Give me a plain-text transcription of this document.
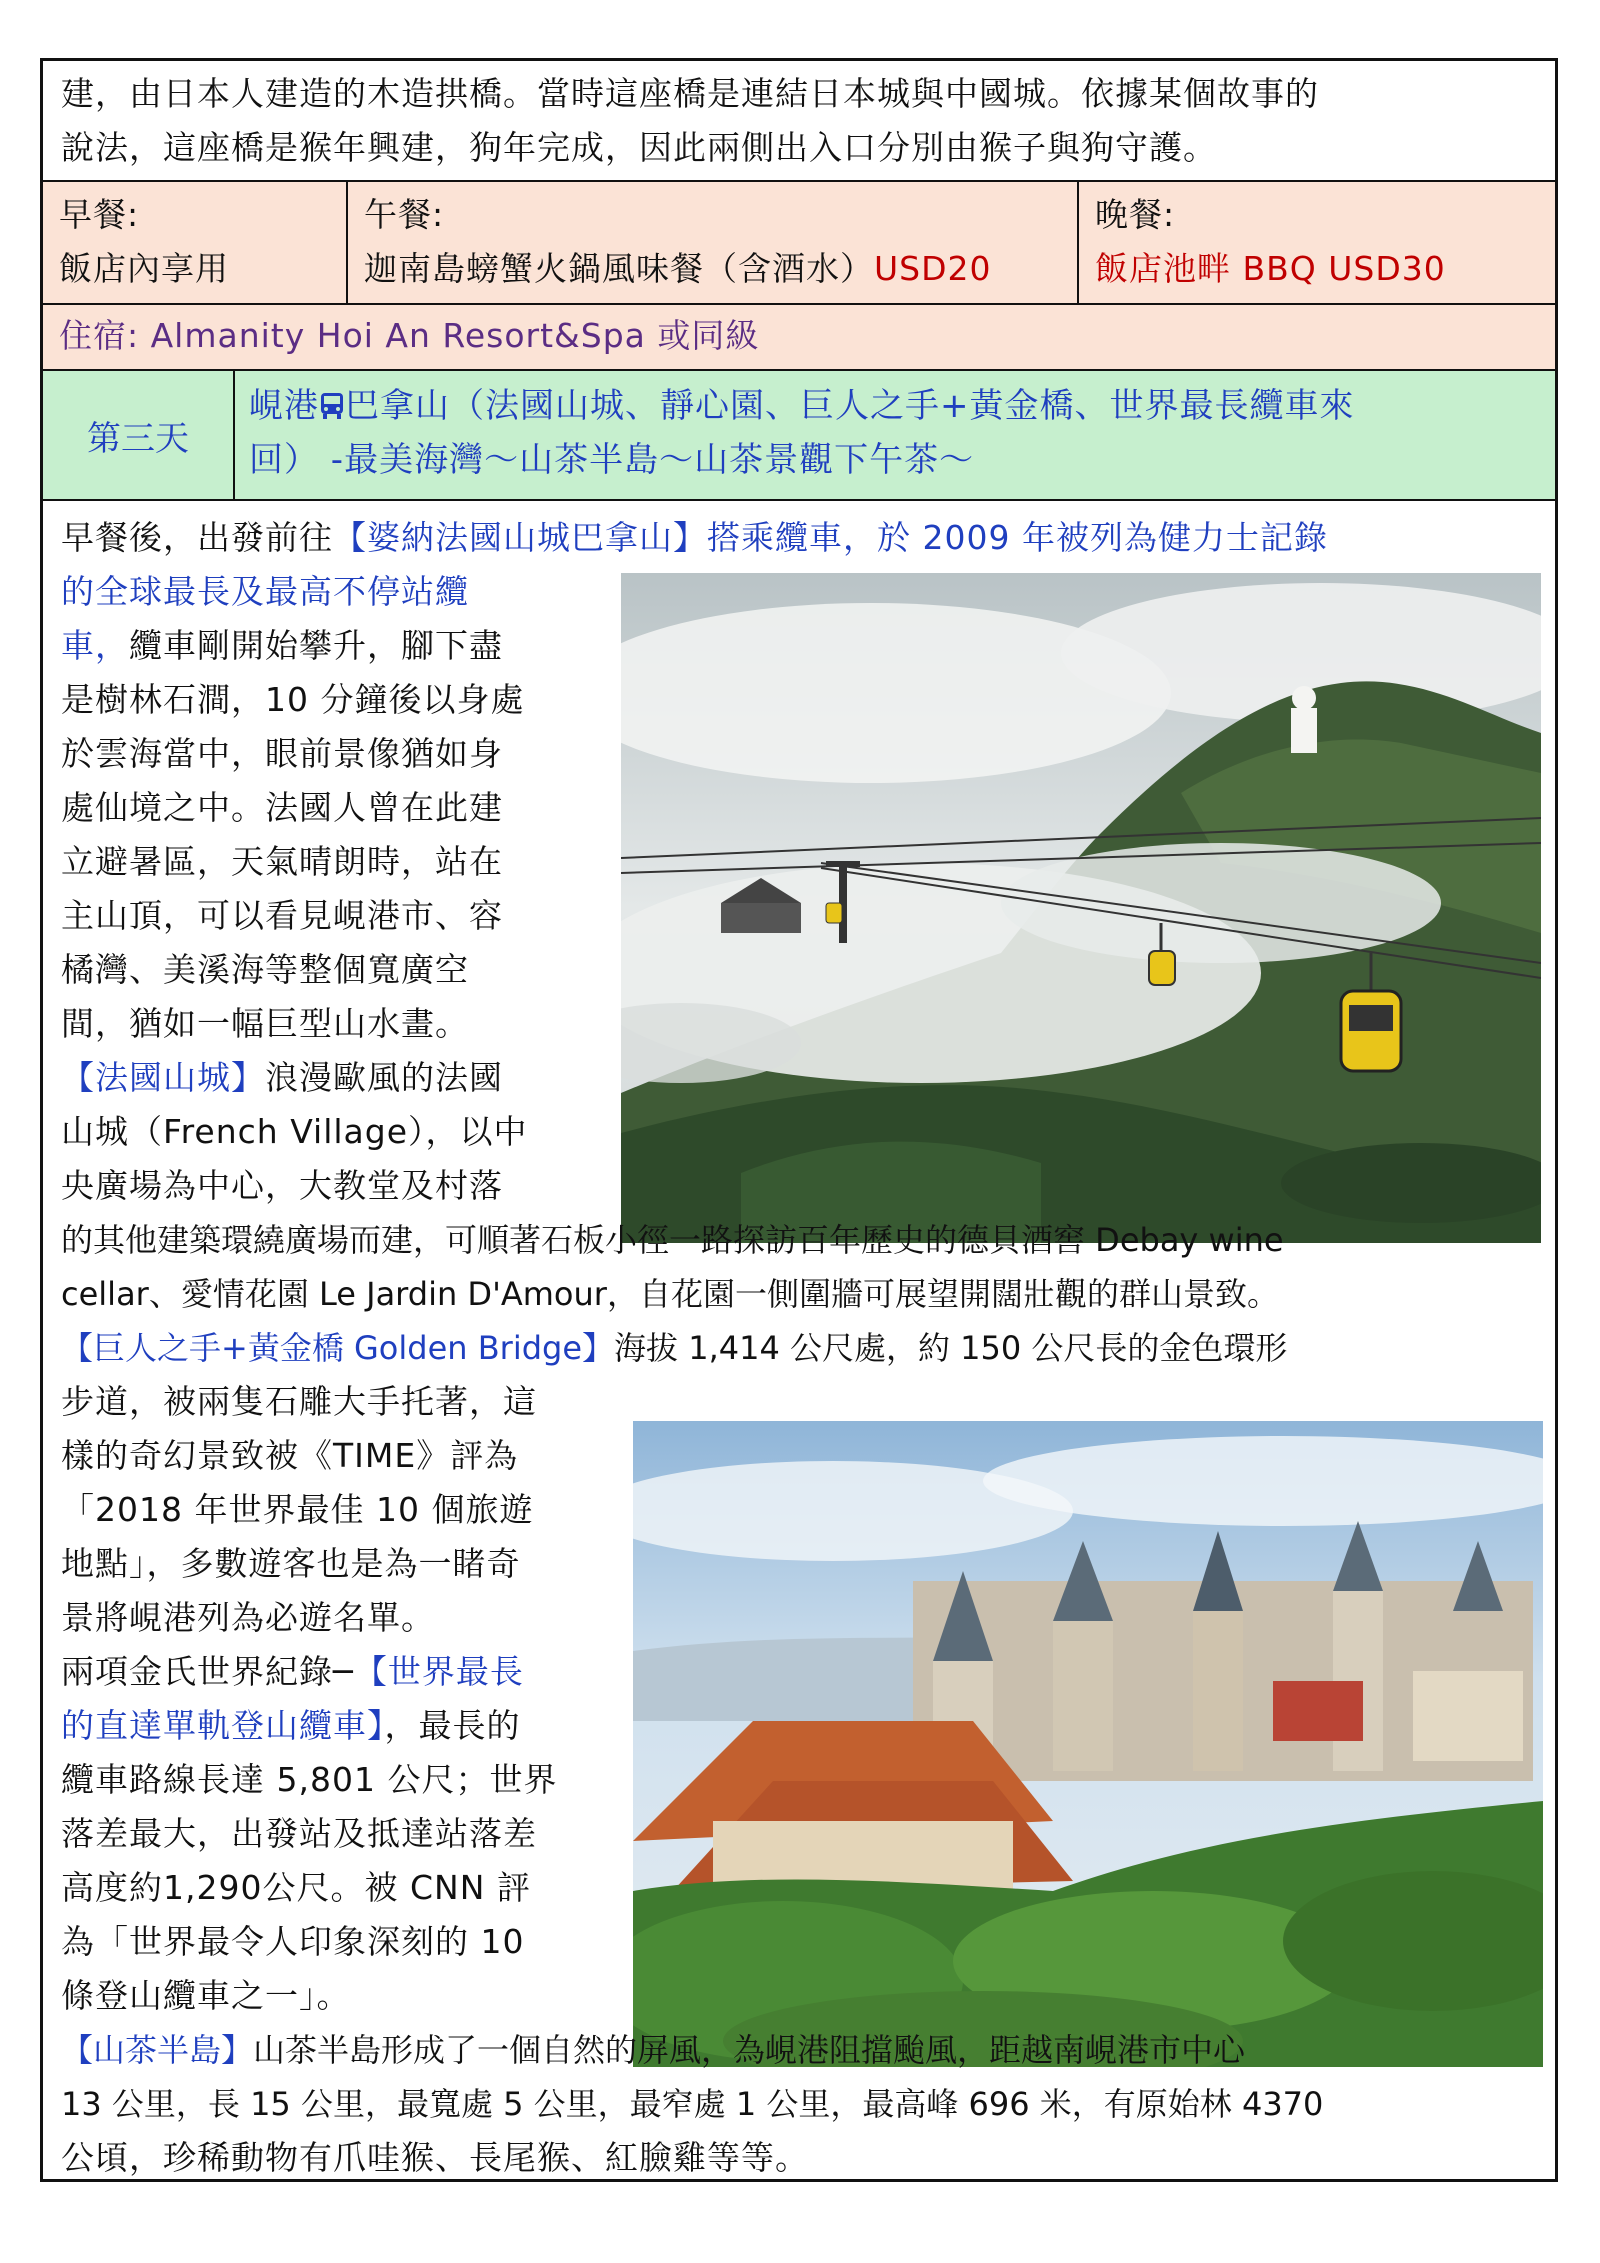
建，由日本人建造的木造拱橋。當時這座橋是連結日本城與中國城。依據某個故事的
說法，這座橋是猴年興建，狗年完成，因此兩側出入口分別由猴子與狗守護。
早餐:
飯店內享用
午餐:
迦南島螃蟹火鍋風味餐（含酒水）USD20
晚餐:
飯店池畔 BBQ USD30
住宿: Almanity Hoi An Resort&Spa 或同級
第三天
峴港 巴拿山（法國山城、靜心園、巨人之手+黃金橋、世界最長纜車來
回） -最美海灣～山茶半島～山茶景觀下午茶～
早餐後，出發前往【婆納法國山城巴拿山】搭乘纜車，於 2009 年被列為健力士記錄
的全球最長及最高不停站纜
車，纜車剛開始攀升，腳下盡
是樹林石澗，10 分鐘後以身處
於雲海當中，眼前景像猶如身
處仙境之中。法國人曾在此建
立避暑區，天氣晴朗時，站在
主山頂，可以看見峴港市、容
橘灣、美溪海等整個寬廣空
間，猶如一幅巨型山水畫。
【法國山城】浪漫歐風的法國
山城（French Village），以中
央廣場為中心，大教堂及村落
的其他建築環繞廣場而建，可順著石板小徑一路探訪百年歷史的德貝酒窖 Debay wine
cellar、愛情花園 Le Jardin D'Amour，自花園一側圍牆可展望開闊壯觀的群山景致。
【巨人之手+黃金橋 Golden Bridge】海拔 1,414 公尺處，約 150 公尺長的金色環形
步道，被兩隻石雕大手托著，這
樣的奇幻景致被《TIME》評為
「2018 年世界最佳 10 個旅遊
地點」，多數遊客也是為一睹奇
景將峴港列為必遊名單。
兩項金氏世界紀錄─【世界最長
的直達單軌登山纜車】，最長的
纜車路線長達 5,801 公尺；世界
落差最大，出發站及抵達站落差
高度約1,290公尺。被 CNN 評
為「世界最令人印象深刻的 10
條登山纜車之一」。
【山茶半島】山茶半島形成了一個自然的屏風，為峴港阻擋颱風，距越南峴港市中心
13 公里，長 15 公里，最寬處 5 公里，最窄處 1 公里，最高峰 696 米，有原始林 4370
公頃，珍稀動物有爪哇猴、長尾猴、紅臉雞等等。
